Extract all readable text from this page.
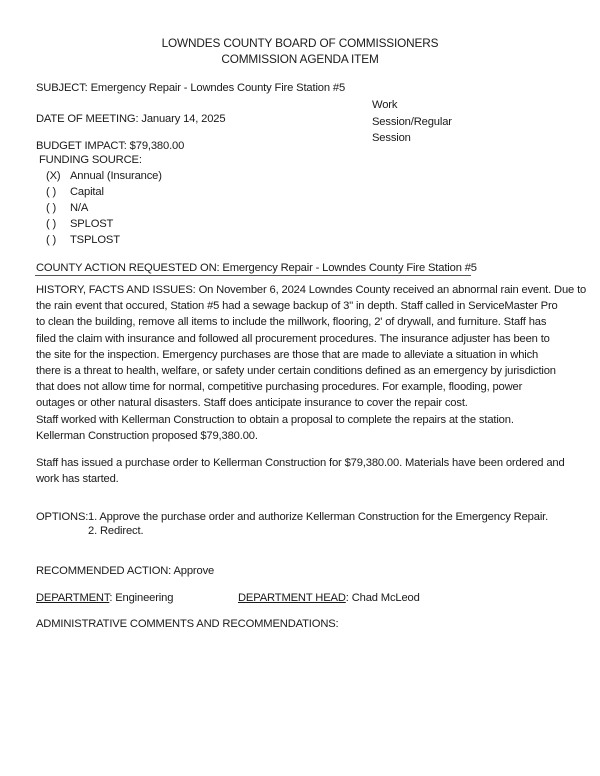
LOWNDES COUNTY BOARD OF COMMISSIONERS
COMMISSION AGENDA ITEM
SUBJECT: Emergency Repair - Lowndes County Fire Station #5
Work
Session/Regular
Session
DATE OF MEETING: January 14, 2025
BUDGET IMPACT: $79,380.00
FUNDING SOURCE:
(X) Annual (Insurance)
( ) Capital
( ) N/A
( ) SPLOST
( ) TSPLOST
COUNTY ACTION REQUESTED ON: Emergency Repair - Lowndes County Fire Station #5
HISTORY, FACTS AND ISSUES: On November 6, 2024 Lowndes County received an abnormal rain event. Due to
the rain event that occured, Station #5 had a sewage backup of 3" in depth. Staff called in ServiceMaster Pro
to clean the building, remove all items to include the millwork, flooring, 2' of drywall, and furniture. Staff has
filed the claim with insurance and followed all procurement procedures. The insurance adjuster has been to
the site for the inspection. Emergency purchases are those that are made to alleviate a situation in which
there is a threat to health, welfare, or safety under certain conditions defined as an emergency by jurisdiction
that does not allow time for normal, competitive purchasing procedures. For example, flooding, power
outages or other natural disasters. Staff does anticipate insurance to cover the repair cost.
Staff worked with Kellerman Construction to obtain a proposal to complete the repairs at the station.
Kellerman Construction proposed $79,380.00.
Staff has issued a purchase order to Kellerman Construction for $79,380.00. Materials have been ordered and
work has started.
OPTIONS: 1. Approve the purchase order and authorize Kellerman Construction for the Emergency Repair.
2. Redirect.
RECOMMENDED ACTION: Approve
DEPARTMENT: Engineering	DEPARTMENT HEAD: Chad McLeod
ADMINISTRATIVE COMMENTS AND RECOMMENDATIONS:
